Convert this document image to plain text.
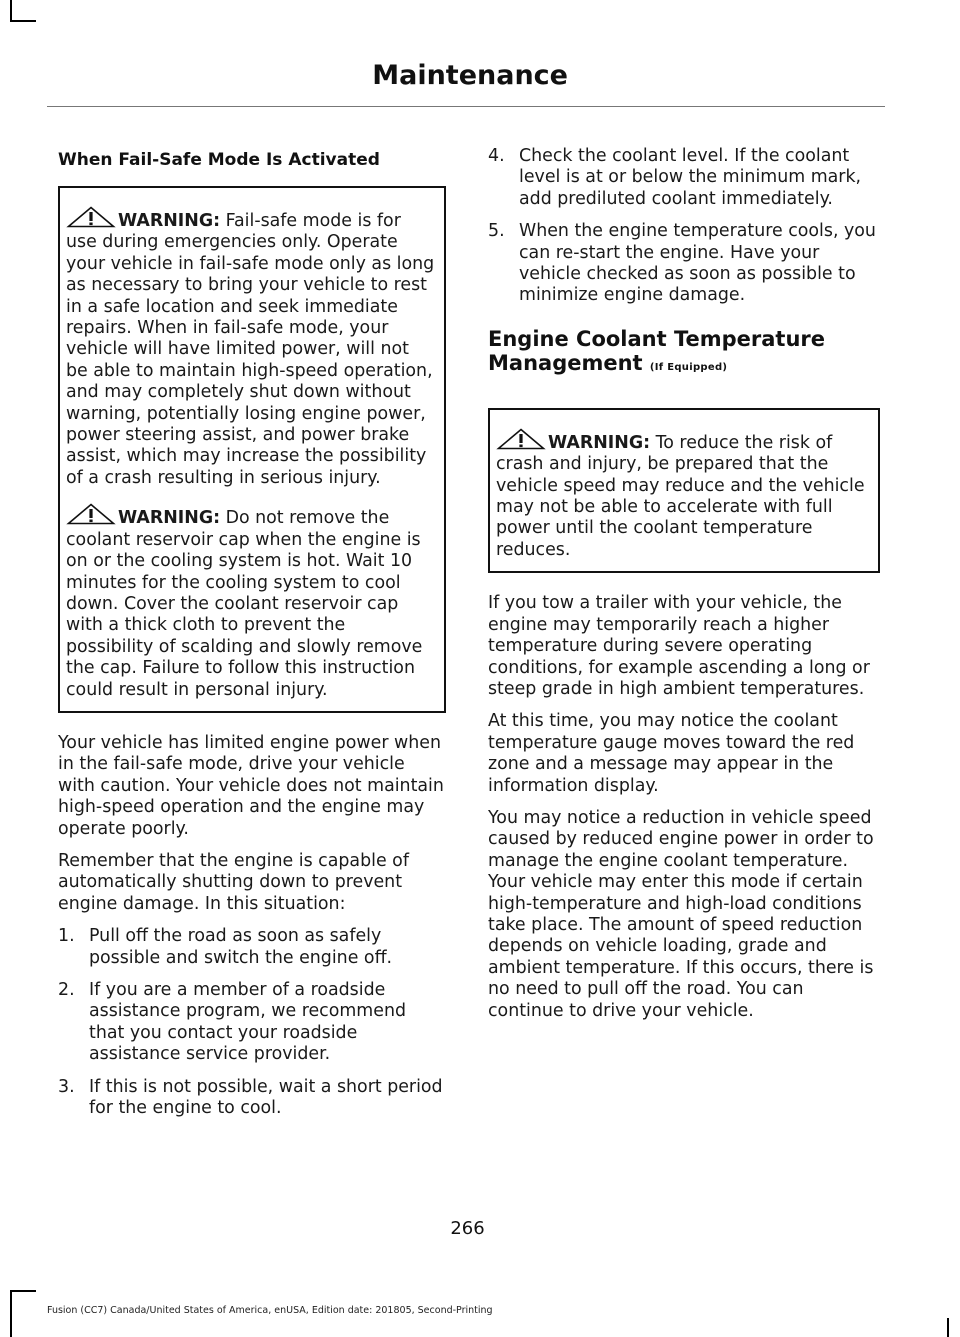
Maintenance
When Fail-Safe Mode Is Activated
WARNING: Fail-safe mode is for use during emergencies only. Operate your vehicle in fail-safe mode only as long as necessary to bring your vehicle to rest in a safe location and seek immediate repairs. When in fail-safe mode, your vehicle will have limited power, will not be able to maintain high-speed operation, and may completely shut down without warning, potentially losing engine power, power steering assist, and power brake assist, which may increase the possibility of a crash resulting in serious injury.
WARNING: Do not remove the coolant reservoir cap when the engine is on or the cooling system is hot. Wait 10 minutes for the cooling system to cool down. Cover the coolant reservoir cap with a thick cloth to prevent the possibility of scalding and slowly remove the cap. Failure to follow this instruction could result in personal injury.

Your vehicle has limited engine power when in the fail-safe mode, drive your vehicle with caution. Your vehicle does not maintain high-speed operation and the engine may operate poorly.

Remember that the engine is capable of automatically shutting down to prevent engine damage. In this situation:

1. Pull off the road as soon as safely possible and switch the engine off.
2. If you are a member of a roadside assistance program, we recommend that you contact your roadside assistance service provider.
3. If this is not possible, wait a short period for the engine to cool.
4. Check the coolant level. If the coolant level is at or below the minimum mark, add prediluted coolant immediately.
5. When the engine temperature cools, you can re-start the engine. Have your vehicle checked as soon as possible to minimize engine damage.
Engine Coolant Temperature Management (If Equipped)
WARNING: To reduce the risk of crash and injury, be prepared that the vehicle speed may reduce and the vehicle may not be able to accelerate with full power until the coolant temperature reduces.

If you tow a trailer with your vehicle, the engine may temporarily reach a higher temperature during severe operating conditions, for example ascending a long or steep grade in high ambient temperatures.

At this time, you may notice the coolant temperature gauge moves toward the red zone and a message may appear in the information display.

You may notice a reduction in vehicle speed caused by reduced engine power in order to manage the engine coolant temperature. Your vehicle may enter this mode if certain high-temperature and high-load conditions take place. The amount of speed reduction depends on vehicle loading, grade and ambient temperature. If this occurs, there is no need to pull off the road. You can continue to drive your vehicle.

266
Fusion (CC7) Canada/United States of America, enUSA, Edition date: 201805, Second-Printing
